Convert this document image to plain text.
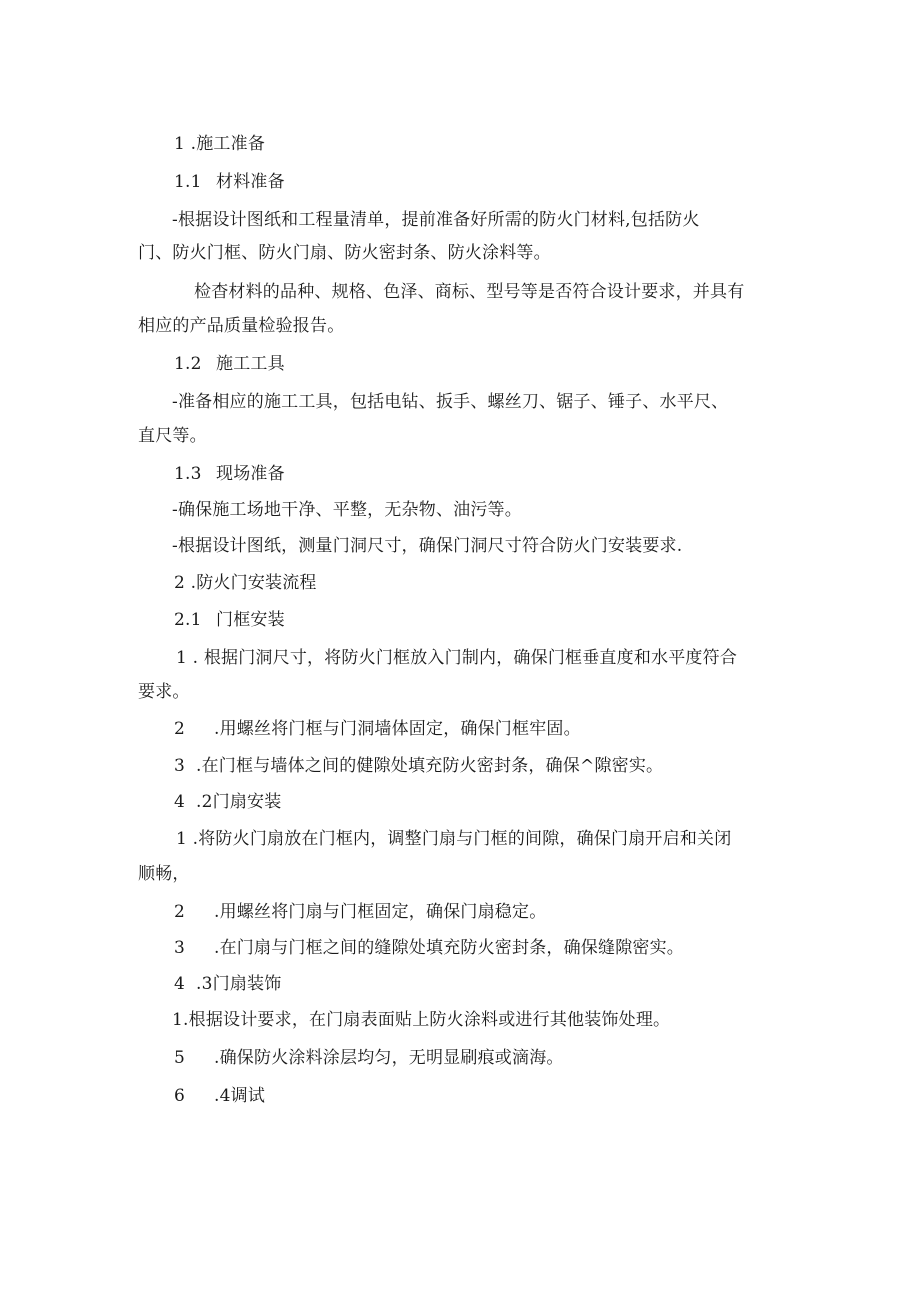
1 .施工准备
1.1 材料准备
-根据设计图纸和工程量清单，提前准备好所需的防火门材料,包括防火
门、防火门框、防火门扇、防火密封条、防火涂料等。
检杳材料的品种、规格、色泽、商标、型号等是否符合设计要求，并具有
相应的产品质量检验报告。
1.2 施工工具
-准备相应的施工工具，包括电钻、扳手、螺丝刀、锯子、锤子、水平尺、
直尺等。
1.3 现场准备
-确保施工场地干净、平整，无杂物、油污等。
-根据设计图纸，测量门洞尺寸，确保门洞尺寸符合防火门安装要求.
2 .防火门安装流程
2.1 门框安装
1 . 根据门洞尺寸，将防火门框放入门制内，确保门框垂直度和水平度符合
要求。
2 .用螺丝将门框与门洞墙体固定，确保门框牢固。
3 .在门框与墙体之间的健隙处填充防火密封条，确保^隙密实。
4 .2门扇安装
1 .将防火门扇放在门框内，调整门扇与门框的间隙，确保门扇开启和关闭
顺畅，
2 .用螺丝将门扇与门框固定，确保门扇稳定。
3 .在门扇与门框之间的缝隙处填充防火密封条，确保缝隙密实。
4 .3门扇装饰
1.根据设计要求，在门扇表面贴上防火涂料或进行其他装饰处理。
5 .确保防火涂料涂层均匀，无明显刷痕或滴海。
6 .4调试
